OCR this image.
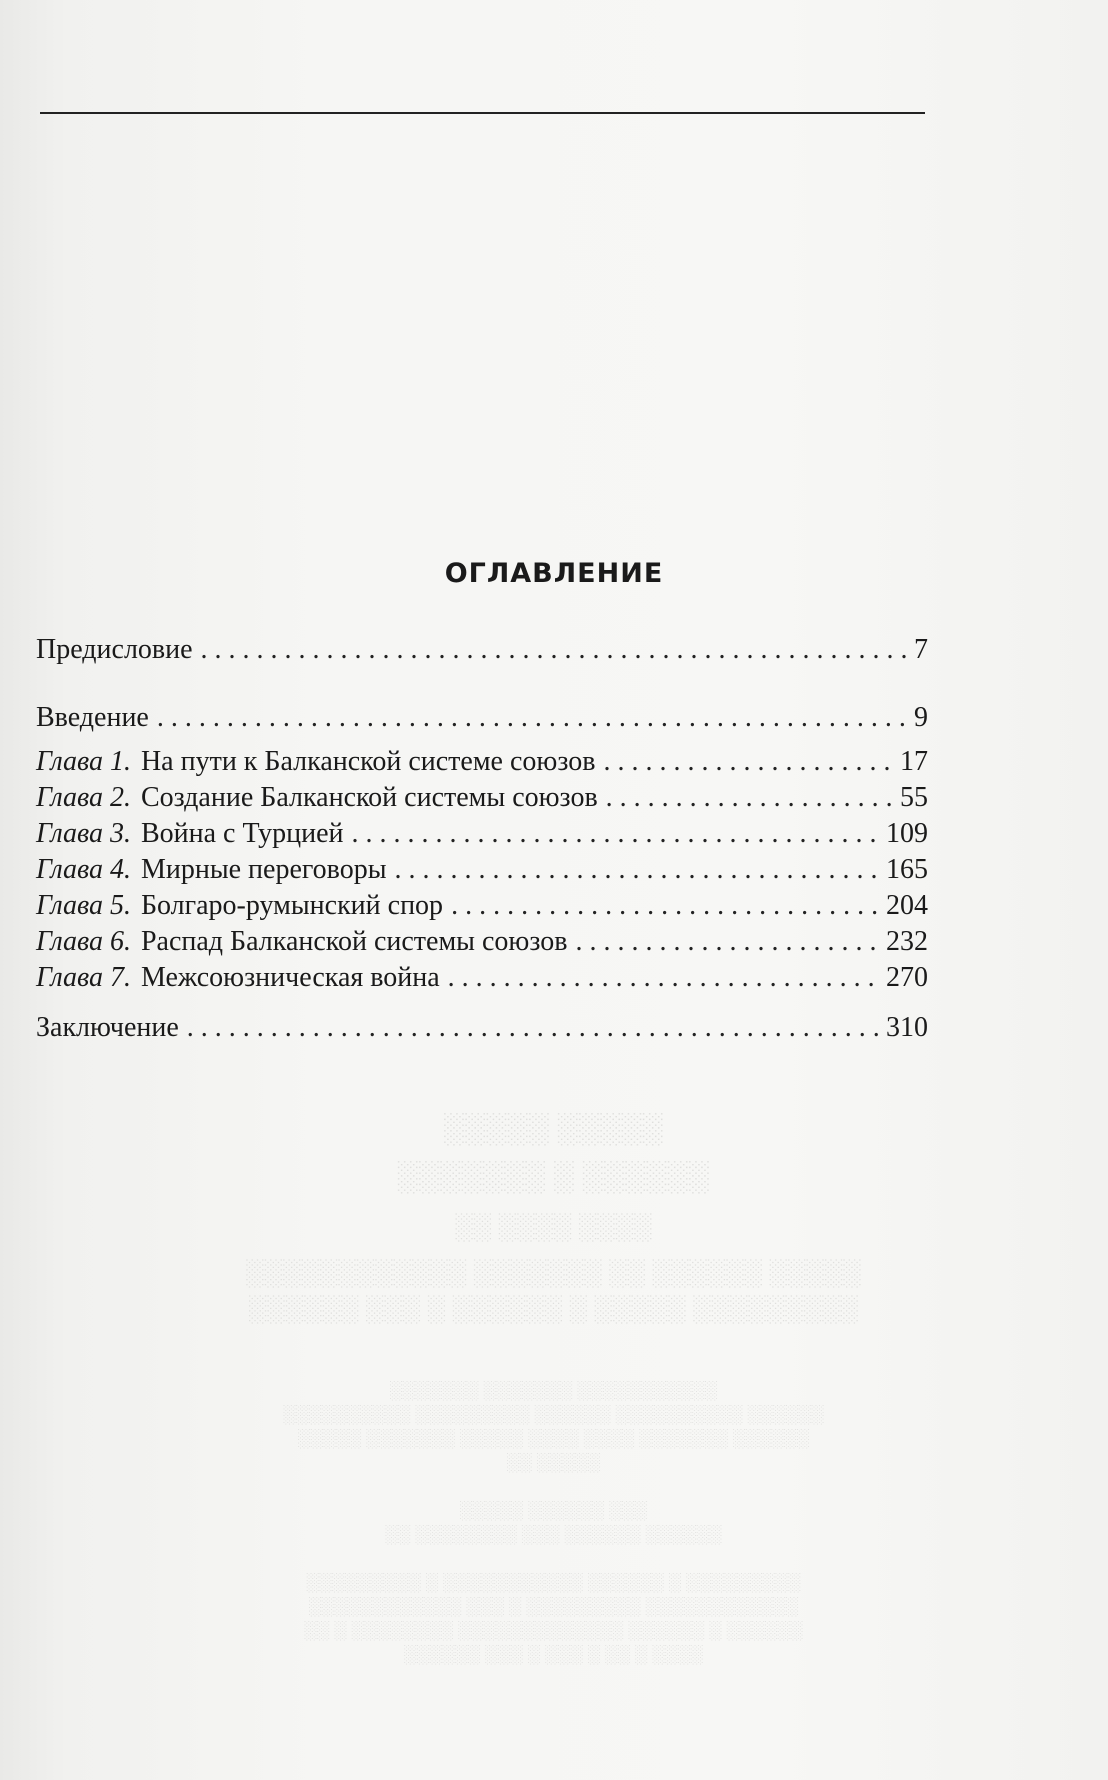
░░░░░ ░░░░░
░░░░░░ ░ ░░░░░░░
░░░░ ░░░░ ░░
░░░░░ ░░░░░░ ░░ ░░░░░░░ ░░░░░░░░░░░░
░░░░░░░░░ ░░░░░ ░ ░░░░░░ ░ ░░░ ░░░░░░
░░░░░░░░░░░ ░░░░░░░ ░░░░░░░
░░░░░░ ░░░░░░░░░░ ░░░░░░ ░░░░░░░░░ ░░░░░░░░░░
░░░░░░ ░░░░░░░ ░░░░ ░░░░ ░░░░░ ░░░░░░░ ░░░░░
░░░░░ ░░
░░░ ░░░░░░ ░░░░░
░░░░░░ ░░░░░░ ░░░ ░░░░░░░░ ░░
░░░░░░░░░ ░ ░░░░░░ ░░░░░░░░░░░ ░ ░░░░░░░░░
░░░░░░░░░░░░ ░░░░░░░░░ ░ ░░░ ░░░░░░░░░░░░
░░░░░░ ░ ░░░░░░ ░░░░░░░░░░░░░ ░░░░░░░░ ░ ░░
░░░░ ░ ░░ ░ ░░░ ░ ░░░ ░░░░░░
ОГЛАВЛЕНИЕ
Предисловие . . .	7
Введение . . .	9
Глава 1. На пути к Балканской системе союзов . . .	17
Глава 2. Создание Балканской системы союзов . . .	55
Глава 3. Война с Турцией . . .	109
Глава 4. Мирные переговоры . . .	165
Глава 5. Болгаро-румынский спор . . .	204
Глава 6. Распад Балканской системы союзов . . .	232
Глава 7. Межсоюзническая война . . .	270
Заключение . . .	310
